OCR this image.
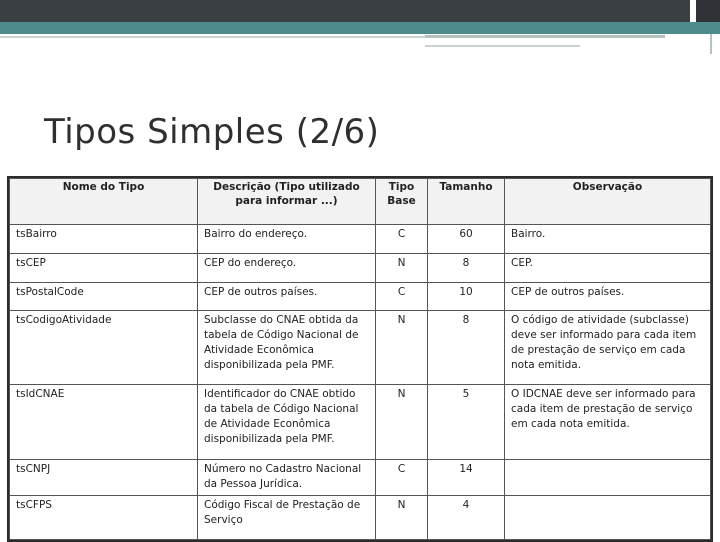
Tipos Simples (2/6)
Nome do Tipo	Descrição (Tipo utilizado para informar ...)	Tipo Base	Tamanho	Observação
tsBairro	Bairro do endereço.	C	60	Bairro.
tsCEP	CEP do endereço.	N	8	CEP.
tsPostalCode	CEP de outros países.	C	10	CEP de outros países.
tsCodigoAtividade	Subclasse do CNAE obtida da tabela de Código Nacional de Atividade Econômica disponibilizada pela PMF.	N	8	O código de atividade (subclasse) deve ser informado para cada item de prestação de serviço em cada nota emitida.
tsIdCNAE	Identificador do CNAE obtido da tabela de Código Nacional de Atividade Econômica disponibilizada pela PMF.	N	5	O IDCNAE deve ser informado para cada item de prestação de serviço em cada nota emitida.
tsCNPJ	Número no Cadastro Nacional da Pessoa Jurídica.	C	14	
tsCFPS	Código Fiscal de Prestação de Serviço	N	4	
